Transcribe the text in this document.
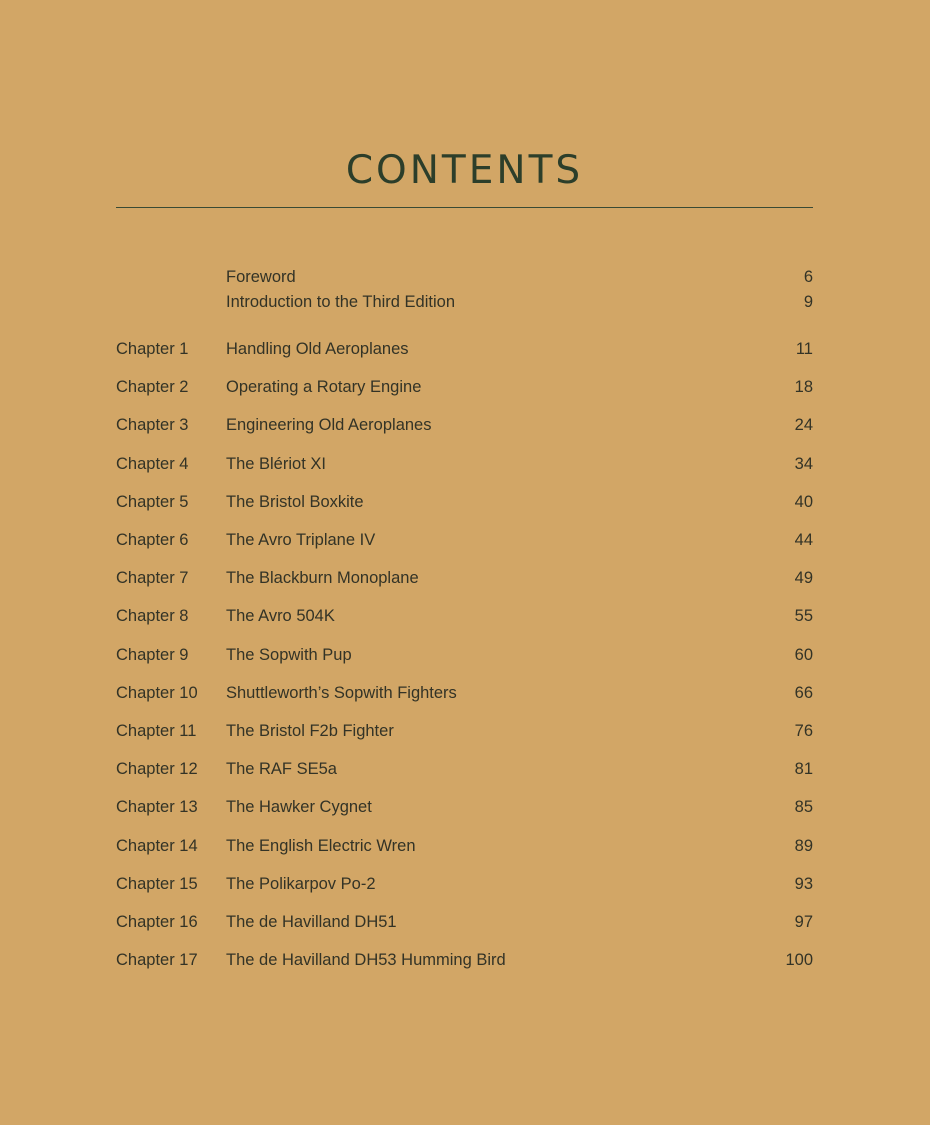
CONTENTS
Foreword	6
Introduction to the Third Edition	9
Chapter 1 Handling Old Aeroplanes	11
Chapter 2 Operating a Rotary Engine	18
Chapter 3 Engineering Old Aeroplanes	24
Chapter 4 The Blériot XI	34
Chapter 5 The Bristol Boxkite	40
Chapter 6 The Avro Triplane IV	44
Chapter 7 The Blackburn Monoplane	49
Chapter 8 The Avro 504K	55
Chapter 9 The Sopwith Pup	60
Chapter 10 Shuttleworth’s Sopwith Fighters	66
Chapter 11 The Bristol F2b Fighter	76
Chapter 12 The RAF SE5a	81
Chapter 13 The Hawker Cygnet	85
Chapter 14 The English Electric Wren	89
Chapter 15 The Polikarpov Po-2	93
Chapter 16 The de Havilland DH51	97
Chapter 17 The de Havilland DH53 Humming Bird	100
